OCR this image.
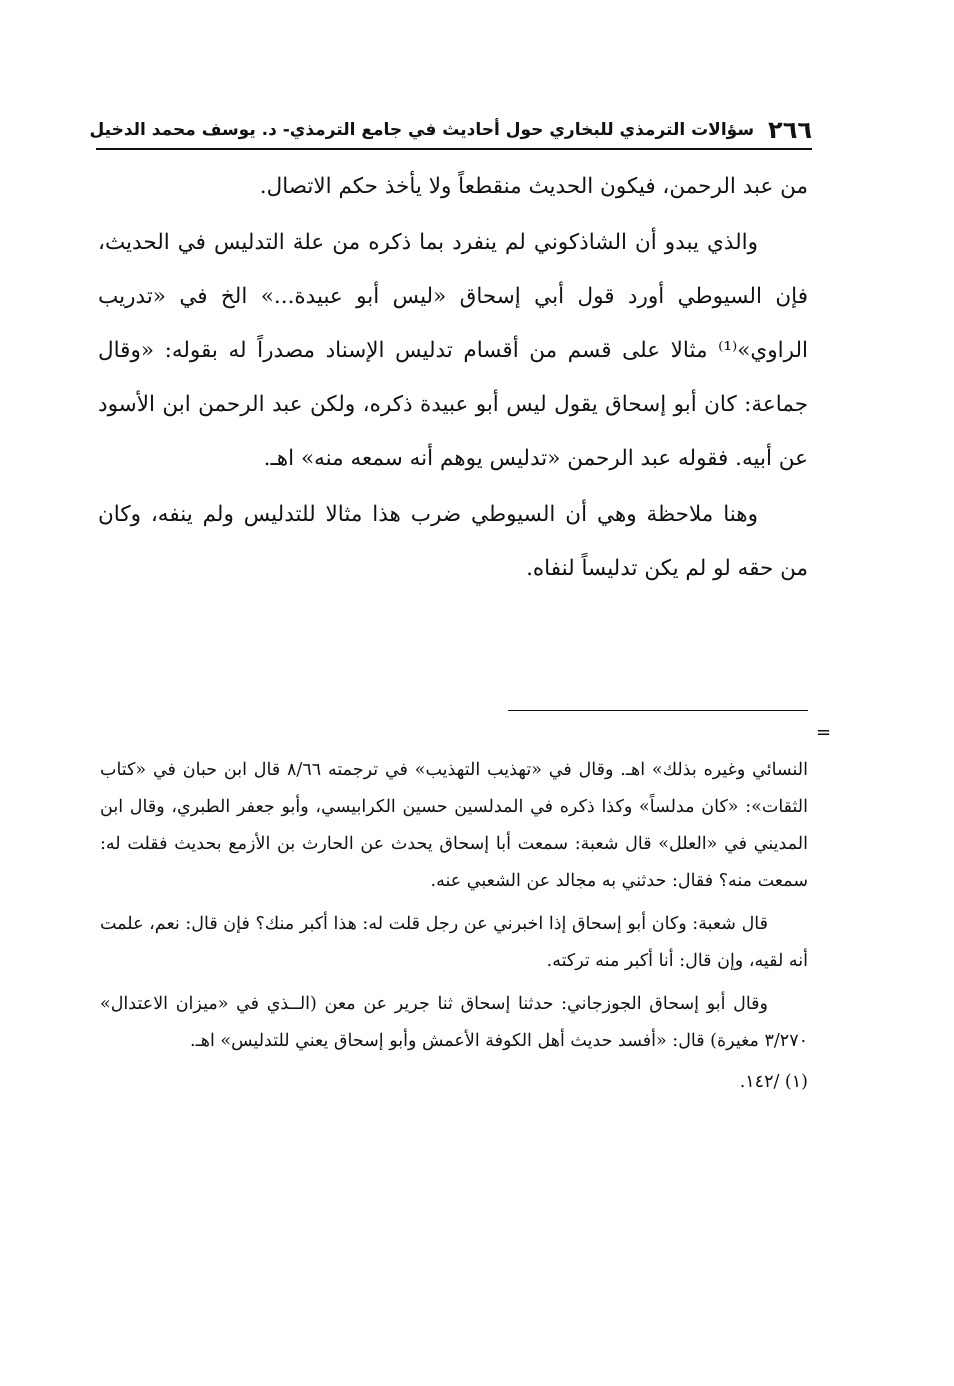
٢٦٦
سؤالات الترمذي للبخاري حول أحاديث في جامع الترمذي- د. يوسف محمد الدخيل

من عبد الرحمن، فيكون الحديث منقطعاً ولا يأخذ حكم الاتصال.

والذي يبدو أن الشاذكوني لم ينفرد بما ذكره من علة التدليس في الحديث، فإن السيوطي أورد قول أبي إسحاق «ليس أبو عبيدة...» الخ في «تدريب الراوي»⁽¹⁾ مثالا على قسم من أقسام تدليس الإسناد مصدراً له بقوله: «وقال جماعة: كان أبو إسحاق يقول ليس أبو عبيدة ذكره، ولكن عبد الرحمن ابن الأسود عن أبيه. فقوله عبد الرحمن «تدليس يوهم أنه سمعه منه» اهـ.

وهنا ملاحظة وهي أن السيوطي ضرب هذا مثالا للتدليس ولم ينفه، وكان من حقه لو لم يكن تدليساً لنفاه.

=

النسائي وغيره بذلك» اهـ. وقال في «تهذيب التهذيب» في ترجمته ٨/٦٦ قال ابن حبان في «كتاب الثقات»: «كان مدلساً» وكذا ذكره في المدلسين حسين الكرابيسي، وأبو جعفر الطبري، وقال ابن المديني في «العلل» قال شعبة: سمعت أبا إسحاق يحدث عن الحارث بن الأزمع بحديث فقلت له: سمعت منه؟ فقال: حدثني به مجالد عن الشعبي عنه.

قال شعبة: وكان أبو إسحاق إذا اخبرني عن رجل قلت له: هذا أكبر منك؟ فإن قال: نعم، علمت أنه لقيه، وإن قال: أنا أكبر منه تركته.

وقال أبو إسحاق الجوزجاني: حدثنا إسحاق ثنا جرير عن معن (الــذي في «ميزان الاعتدال» ٣/٢٧٠ مغيرة) قال: «أفسد حديث أهل الكوفة الأعمش وأبو إسحاق يعني للتدليس» اهـ.

(١) /١٤٢.
